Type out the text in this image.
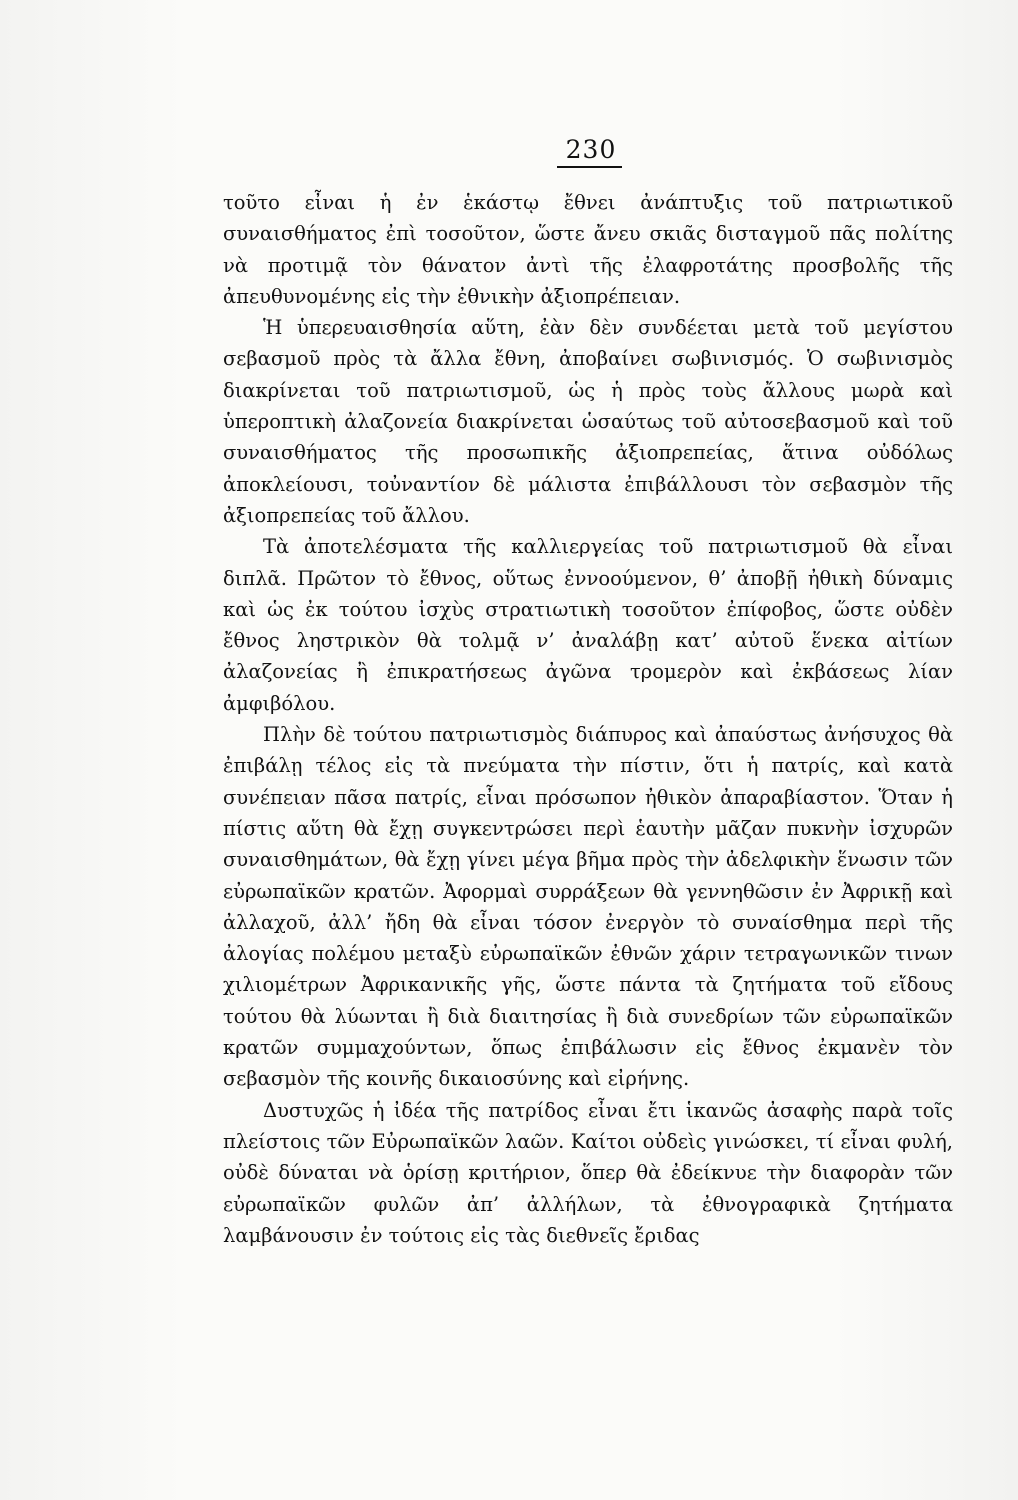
230

τοῦτο εἶναι ἡ ἐν ἑκάστῳ ἔθνει ἀνάπτυξις τοῦ πατριωτικοῦ συναισθήματος ἐπὶ τοσοῦτον, ὥστε ἄνευ σκιᾶς δισταγμοῦ πᾶς πολίτης νὰ προτιμᾷ τὸν θάνατον ἀντὶ τῆς ἐλαφροτάτης προσβολῆς τῆς ἀπευθυνομένης εἰς τὴν ἐθνικὴν ἀξιοπρέπειαν.

Ἡ ὑπερευαισθησία αὕτη, ἐὰν δὲν συνδέεται μετὰ τοῦ μεγίστου σεβασμοῦ πρὸς τὰ ἄλλα ἔθνη, ἀποβαίνει σωβινισμός. Ὁ σωβινισμὸς διακρίνεται τοῦ πατριωτισμοῦ, ὡς ἡ πρὸς τοὺς ἄλλους μωρὰ καὶ ὑπεροπτικὴ ἀλαζονεία διακρίνεται ὡσαύτως τοῦ αὐτοσεβασμοῦ καὶ τοῦ συναισθήματος τῆς προσωπικῆς ἀξιοπρεπείας, ἅτινα οὐδόλως ἀποκλείουσι, τοὐναντίον δὲ μάλιστα ἐπιβάλλουσι τὸν σεβασμὸν τῆς ἀξιοπρεπείας τοῦ ἄλλου.

Τὰ ἀποτελέσματα τῆς καλλιεργείας τοῦ πατριωτισμοῦ θὰ εἶναι διπλᾶ. Πρῶτον τὸ ἔθνος, οὕτως ἐννοούμενον, θ’ ἀποβῇ ἠθικὴ δύναμις καὶ ὡς ἐκ τούτου ἰσχὺς στρατιωτικὴ τοσοῦτον ἐπίφοβος, ὥστε οὐδὲν ἔθνος ληστρικὸν θὰ τολμᾷ ν’ ἀναλάβῃ κατ’ αὐτοῦ ἕνεκα αἰτίων ἀλαζονείας ἢ ἐπικρατήσεως ἀγῶνα τρομερὸν καὶ ἐκβάσεως λίαν ἀμφιβόλου.

Πλὴν δὲ τούτου πατριωτισμὸς διάπυρος καὶ ἀπαύστως ἀνήσυχος θὰ ἐπιβάλῃ τέλος εἰς τὰ πνεύματα τὴν πίστιν, ὅτι ἡ πατρίς, καὶ κατὰ συνέπειαν πᾶσα πατρίς, εἶναι πρόσωπον ἠθικὸν ἀπαραβίαστον. Ὅταν ἡ πίστις αὕτη θὰ ἔχῃ συγκεντρώσει περὶ ἑαυτὴν μᾶζαν πυκνὴν ἰσχυρῶν συναισθημάτων, θὰ ἔχῃ γίνει μέγα βῆμα πρὸς τὴν ἀδελφικὴν ἕνωσιν τῶν εὐρωπαϊκῶν κρατῶν. Ἀφορμαὶ συρράξεων θὰ γεννηθῶσιν ἐν Ἀφρικῇ καὶ ἀλλαχοῦ, ἀλλ’ ἤδη θὰ εἶναι τόσον ἐνεργὸν τὸ συναίσθημα περὶ τῆς ἀλογίας πολέμου μεταξὺ εὐρωπαϊκῶν ἐθνῶν χάριν τετραγωνικῶν τινων χιλιομέτρων Ἀφρικανικῆς γῆς, ὥστε πάντα τὰ ζητήματα τοῦ εἴδους τούτου θὰ λύωνται ἢ διὰ διαιτησίας ἢ διὰ συνεδρίων τῶν εὐρωπαϊκῶν κρατῶν συμμαχούντων, ὅπως ἐπιβάλωσιν εἰς ἔθνος ἐκμανὲν τὸν σεβασμὸν τῆς κοινῆς δικαιοσύνης καὶ εἰρήνης.

Δυστυχῶς ἡ ἰδέα τῆς πατρίδος εἶναι ἔτι ἱκανῶς ἀσαφὴς παρὰ τοῖς πλείστοις τῶν Εὐρωπαϊκῶν λαῶν. Καίτοι οὐδεὶς γινώσκει, τί εἶναι φυλή, οὐδὲ δύναται νὰ ὁρίσῃ κριτήριον, ὅπερ θὰ ἐδείκνυε τὴν διαφορὰν τῶν εὐρωπαϊκῶν φυλῶν ἀπ’ ἀλλήλων, τὰ ἐθνογραφικὰ ζητήματα λαμβάνουσιν ἐν τούτοις εἰς τὰς διεθνεῖς ἔριδας
